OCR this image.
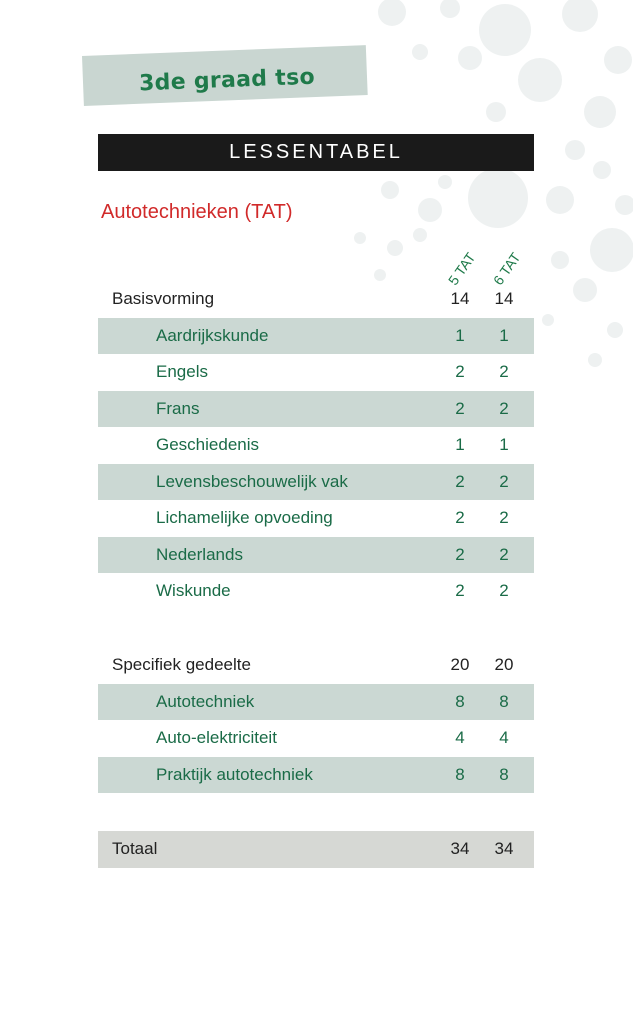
3de graad tso
LESSENTABEL
Autotechnieken (TAT)
5 TAT 6 TAT
Basisvorming	14 14
Aardrijkskunde	1	1
Engels	2	2
Frans	2	2
Geschiedenis	1	1
Levensbeschouwelijk vak	2	2
Lichamelijke opvoeding	2	2
Nederlands	2	2
Wiskunde	2	2
Specifiek gedeelte	20 20
Autotechniek	8	8
Auto-elektriciteit	4	4
Praktijk autotechniek	8	8
Totaal	34 34
